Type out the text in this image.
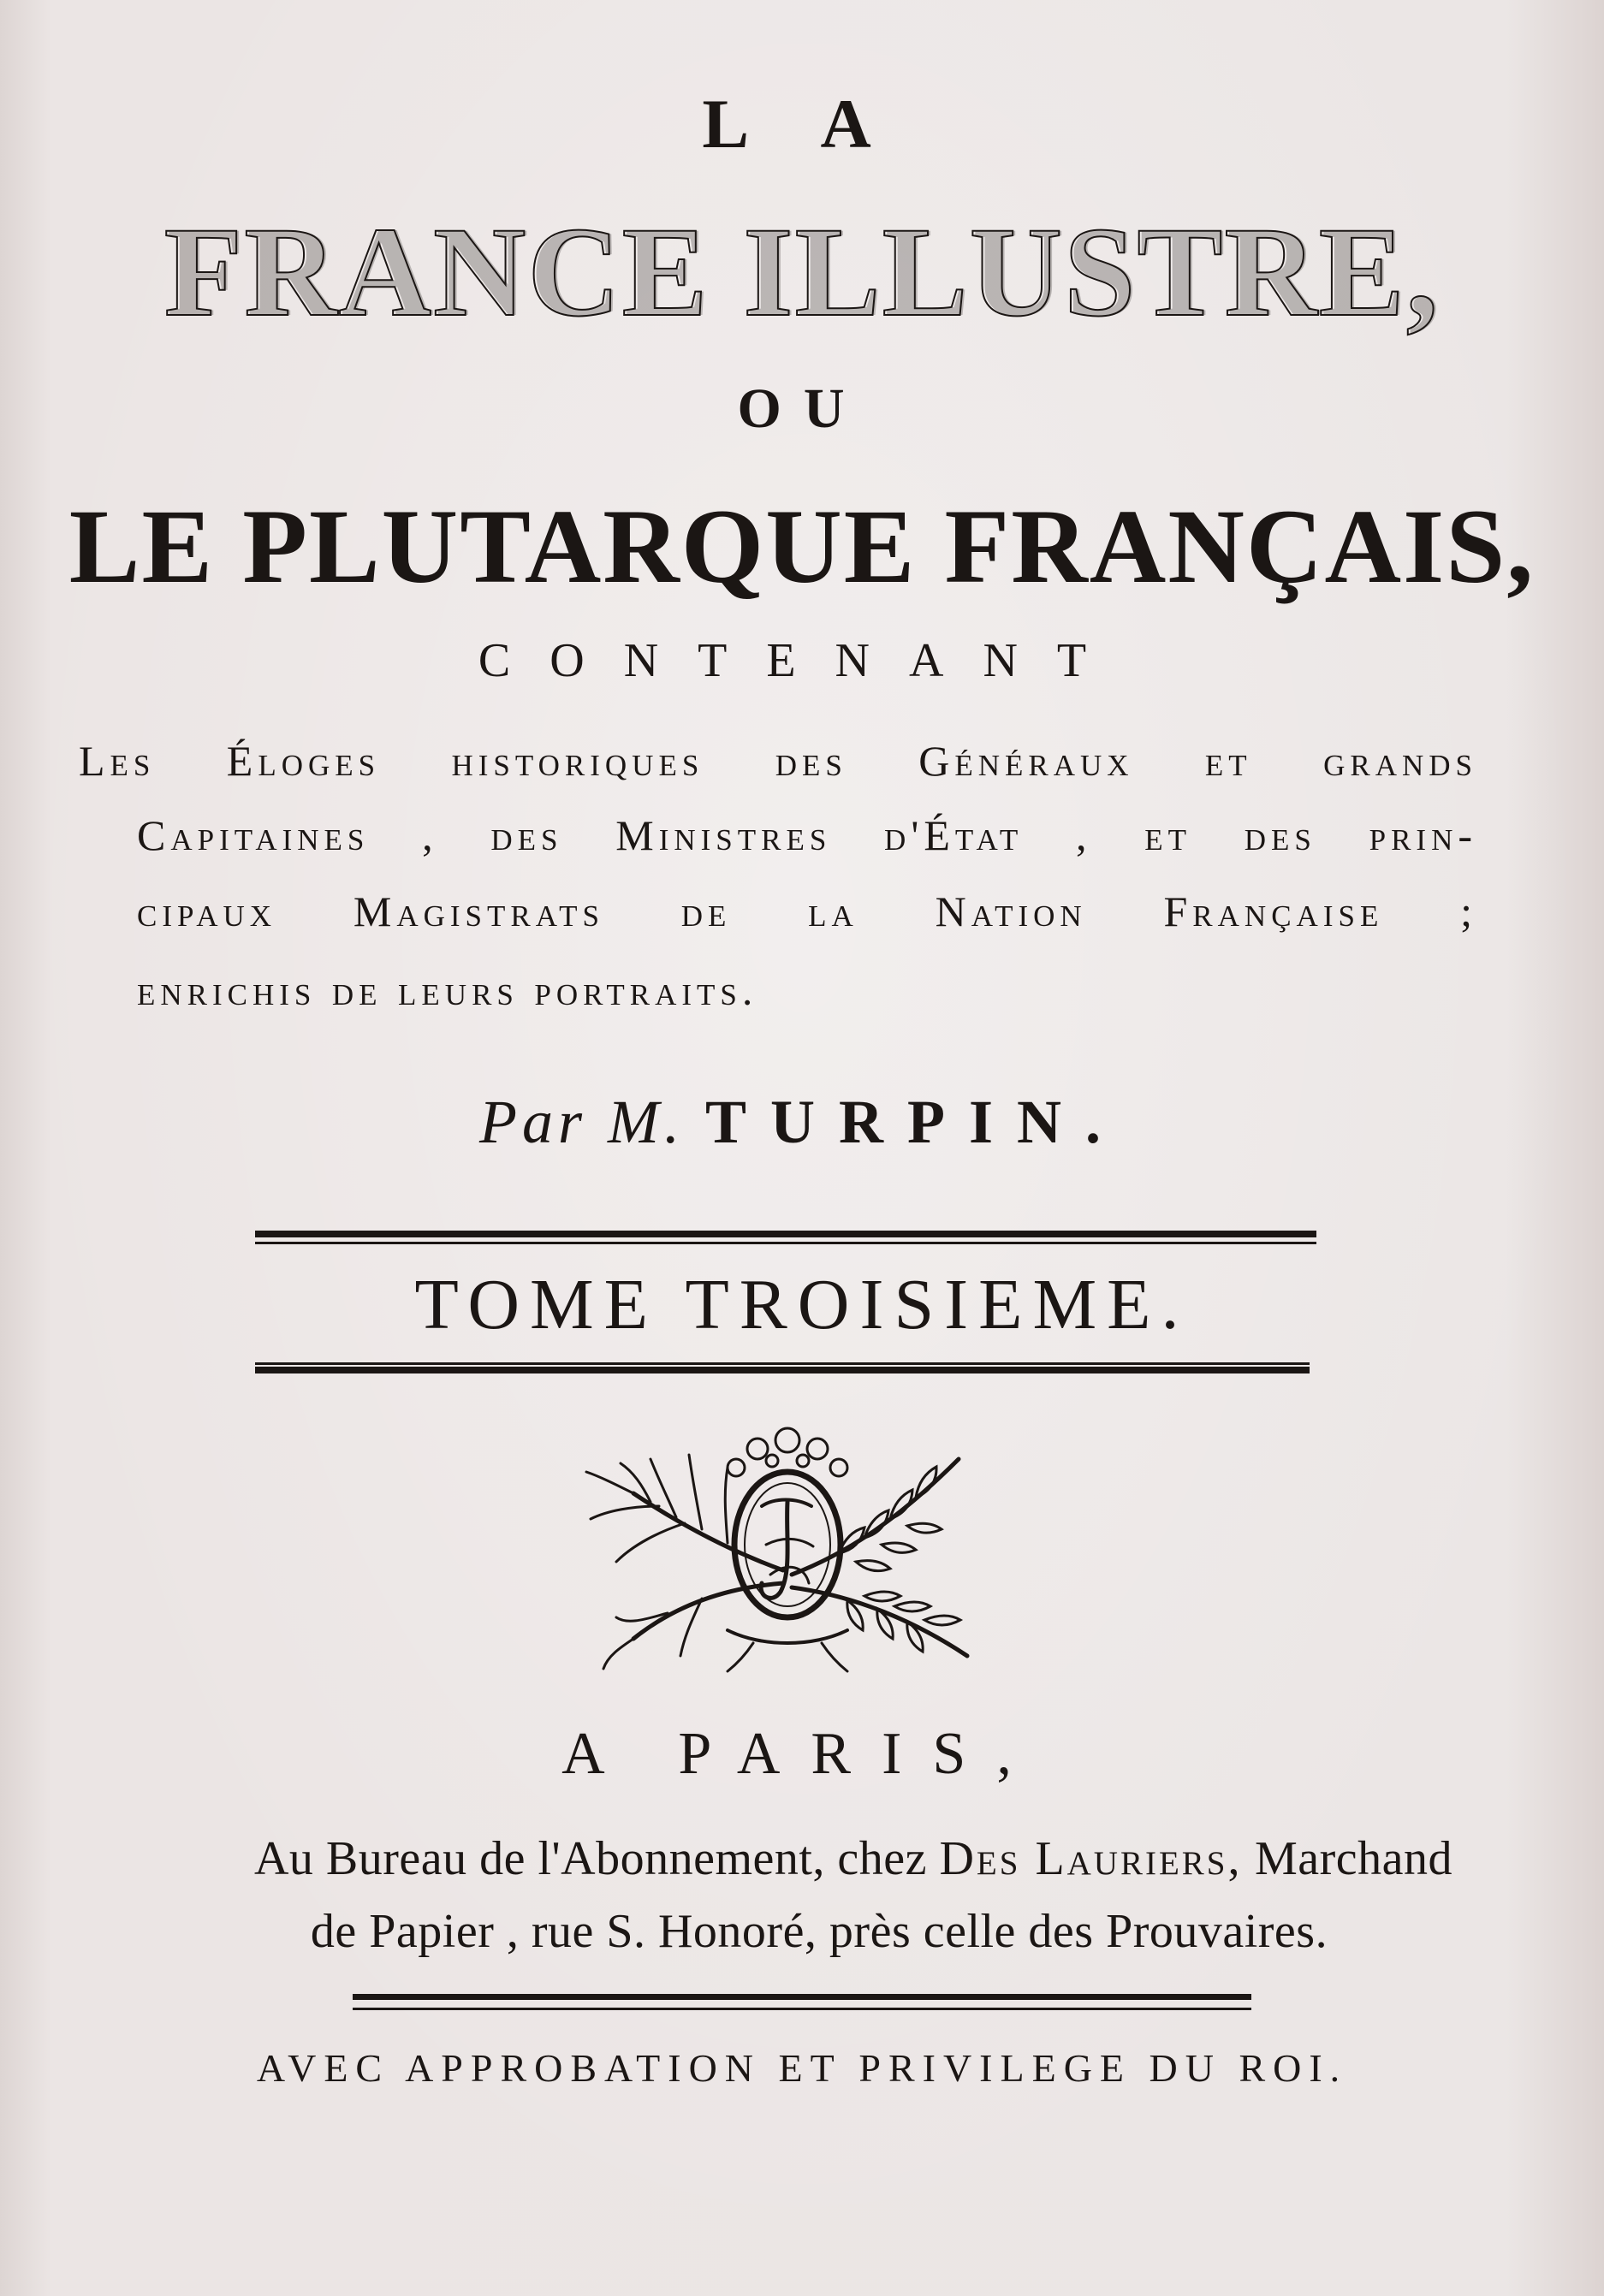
L A
FRANCE ILLUSTRE,
OU
LE PLUTARQUE FRANÇAIS,
CONTENANT
Les Éloges historiques des Généraux et grands
Capitaines , des Ministres d'État , et des prin-
cipaux Magistrats de la Nation Française ;
enrichis de leurs portraits.
Par M. TURPIN.
TOME TROISIEME.
A PARIS,
Au Bureau de l'Abonnement, chez Des Lauriers, Marchand
de Papier , rue S. Honoré, près celle des Prouvaires.
AVEC APPROBATION ET PRIVILEGE DU ROI.
